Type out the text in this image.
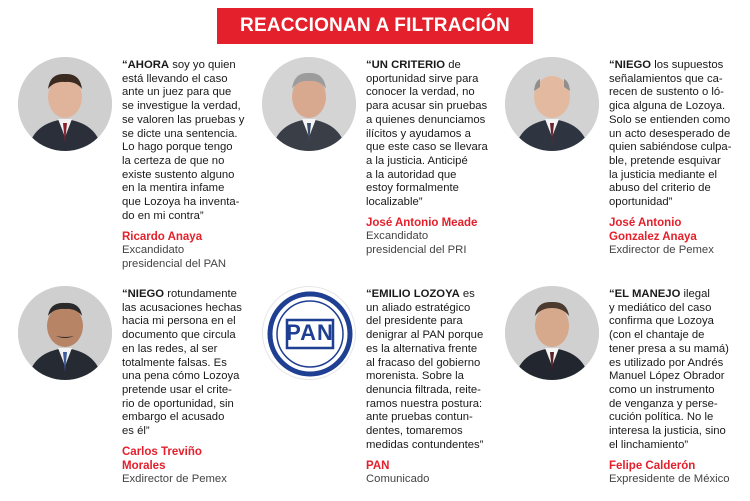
REACCIONAN A FILTRACIÓN

“AHORA soy yo quien
está llevando el caso
ante un juez para que
se investigue la verdad,
se valoren las pruebas y
se dicte una sentencia.
Lo hago porque tengo
la certeza de que no
existe sustento alguno
en la mentira infame
que Lozoya ha inventa-
do en mi contra”

Ricardo Anaya
Excandidato
presidencial del PAN

“UN CRITERIO de
oportunidad sirve para
conocer la verdad, no
para acusar sin pruebas
a quienes denunciamos
ilícitos y ayudamos a
que este caso se llevara
a la justicia. Anticipé
a la autoridad que
estoy formalmente
localizable”

José Antonio Meade
Excandidato
presidencial del PRI

“NIEGO los supuestos
señalamientos que ca-
recen de sustento o ló-
gica alguna de Lozoya.
Solo se entienden como
un acto desesperado de
quien sabiéndose culpa-
ble, pretende esquivar
la justicia mediante el
abuso del criterio de
oportunidad”

José Antonio
Gonzalez Anaya
Exdirector de Pemex

“NIEGO rotundamente
las acusaciones hechas
hacia mi persona en el
documento que circula
en las redes, al ser
totalmente falsas. Es
una pena cómo Lozoya
pretende usar el crite-
rio de oportunidad, sin
embargo el acusado
es él”

Carlos Treviño
Morales
Exdirector de Pemex
PAN

“EMILIO LOZOYA es
un aliado estratégico
del presidente para
denigrar al PAN porque
es la alternativa frente
al fracaso del gobierno
morenista. Sobre la
denuncia filtrada, reite-
ramos nuestra postura:
ante pruebas contun-
dentes, tomaremos
medidas contundentes”

PAN
Comunicado

“EL MANEJO ilegal
y mediático del caso
confirma que Lozoya
(con el chantaje de
tener presa a su mamá)
es utilizado por Andrés
Manuel López Obrador
como un instrumento
de venganza y perse-
cución política. No le
interesa la justicia, sino
el linchamiento”

Felipe Calderón
Expresidente de México
